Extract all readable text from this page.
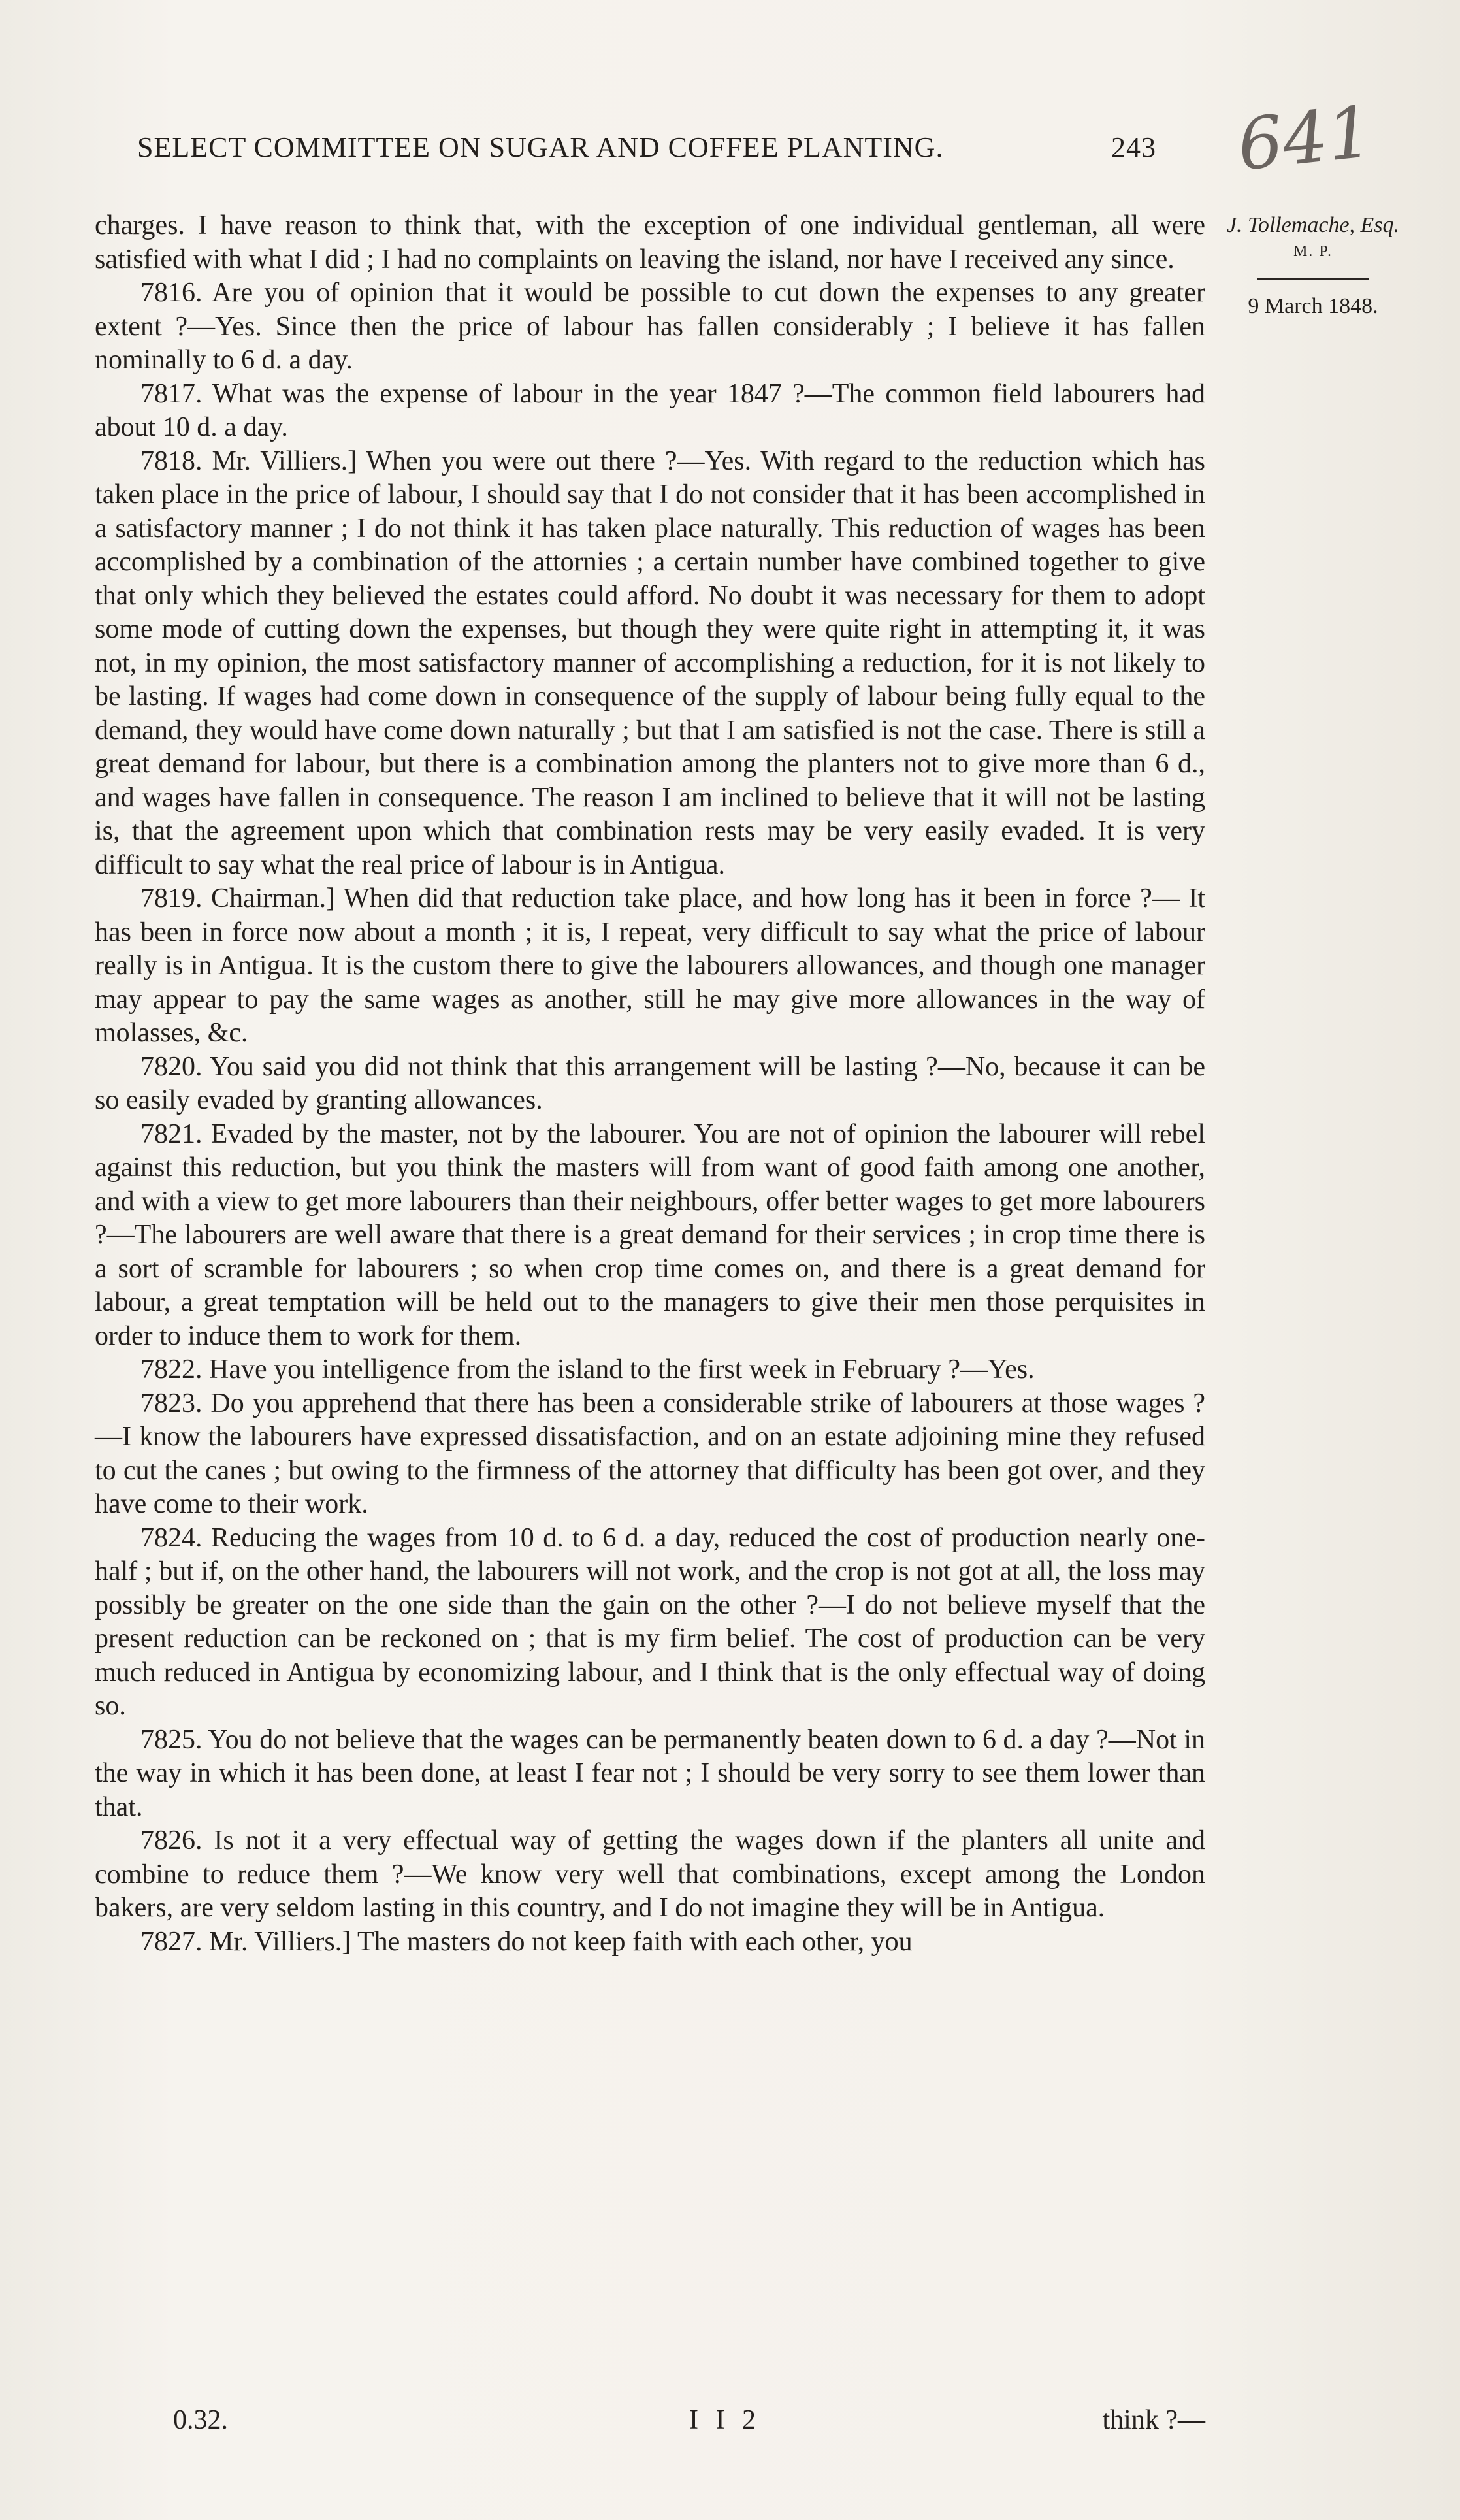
SELECT COMMITTEE ON SUGAR AND COFFEE PLANTING.	243 641
J. Tollemache, Esq.
M. P.
9 March 1848.

charges. I have reason to think that, with the exception of one individual gentleman, all were satisfied with what I did ; I had no complaints on leaving the island, nor have I received any since.

7816. Are you of opinion that it would be possible to cut down the expenses to any greater extent ?—Yes. Since then the price of labour has fallen considerably ; I believe it has fallen nominally to 6 d. a day.

7817. What was the expense of labour in the year 1847 ?—The common field labourers had about 10 d. a day.

7818. Mr. Villiers.] When you were out there ?—Yes. With regard to the reduction which has taken place in the price of labour, I should say that I do not consider that it has been accomplished in a satisfactory manner ; I do not think it has taken place naturally. This reduction of wages has been accomplished by a combination of the attornies ; a certain number have combined together to give that only which they believed the estates could afford. No doubt it was necessary for them to adopt some mode of cutting down the expenses, but though they were quite right in attempting it, it was not, in my opinion, the most satisfactory manner of accomplishing a reduction, for it is not likely to be lasting. If wages had come down in consequence of the supply of labour being fully equal to the demand, they would have come down naturally ; but that I am satisfied is not the case. There is still a great demand for labour, but there is a combination among the planters not to give more than 6 d., and wages have fallen in consequence. The reason I am inclined to believe that it will not be lasting is, that the agreement upon which that combination rests may be very easily evaded. It is very difficult to say what the real price of labour is in Antigua.

7819. Chairman.] When did that reduction take place, and how long has it been in force ?— It has been in force now about a month ; it is, I repeat, very difficult to say what the price of labour really is in Antigua. It is the custom there to give the labourers allowances, and though one manager may appear to pay the same wages as another, still he may give more allowances in the way of molasses, &c.

7820. You said you did not think that this arrangement will be lasting ?—No, because it can be so easily evaded by granting allowances.

7821. Evaded by the master, not by the labourer. You are not of opinion the labourer will rebel against this reduction, but you think the masters will from want of good faith among one another, and with a view to get more labourers than their neighbours, offer better wages to get more labourers ?—The labourers are well aware that there is a great demand for their services ; in crop time there is a sort of scramble for labourers ; so when crop time comes on, and there is a great demand for labour, a great temptation will be held out to the managers to give their men those perquisites in order to induce them to work for them.

7822. Have you intelligence from the island to the first week in February ?—Yes.

7823. Do you apprehend that there has been a considerable strike of labourers at those wages ?—I know the labourers have expressed dissatisfaction, and on an estate adjoining mine they refused to cut the canes ; but owing to the firmness of the attorney that difficulty has been got over, and they have come to their work.

7824. Reducing the wages from 10 d. to 6 d. a day, reduced the cost of production nearly one-half ; but if, on the other hand, the labourers will not work, and the crop is not got at all, the loss may possibly be greater on the one side than the gain on the other ?—I do not believe myself that the present reduction can be reckoned on ; that is my firm belief. The cost of production can be very much reduced in Antigua by economizing labour, and I think that is the only effectual way of doing so.

7825. You do not believe that the wages can be permanently beaten down to 6 d. a day ?—Not in the way in which it has been done, at least I fear not ; I should be very sorry to see them lower than that.

7826. Is not it a very effectual way of getting the wages down if the planters all unite and combine to reduce them ?—We know very well that combinations, except among the London bakers, are very seldom lasting in this country, and I do not imagine they will be in Antigua.

7827. Mr. Villiers.] The masters do not keep faith with each other, you

0.32.	I I 2	think ?—
